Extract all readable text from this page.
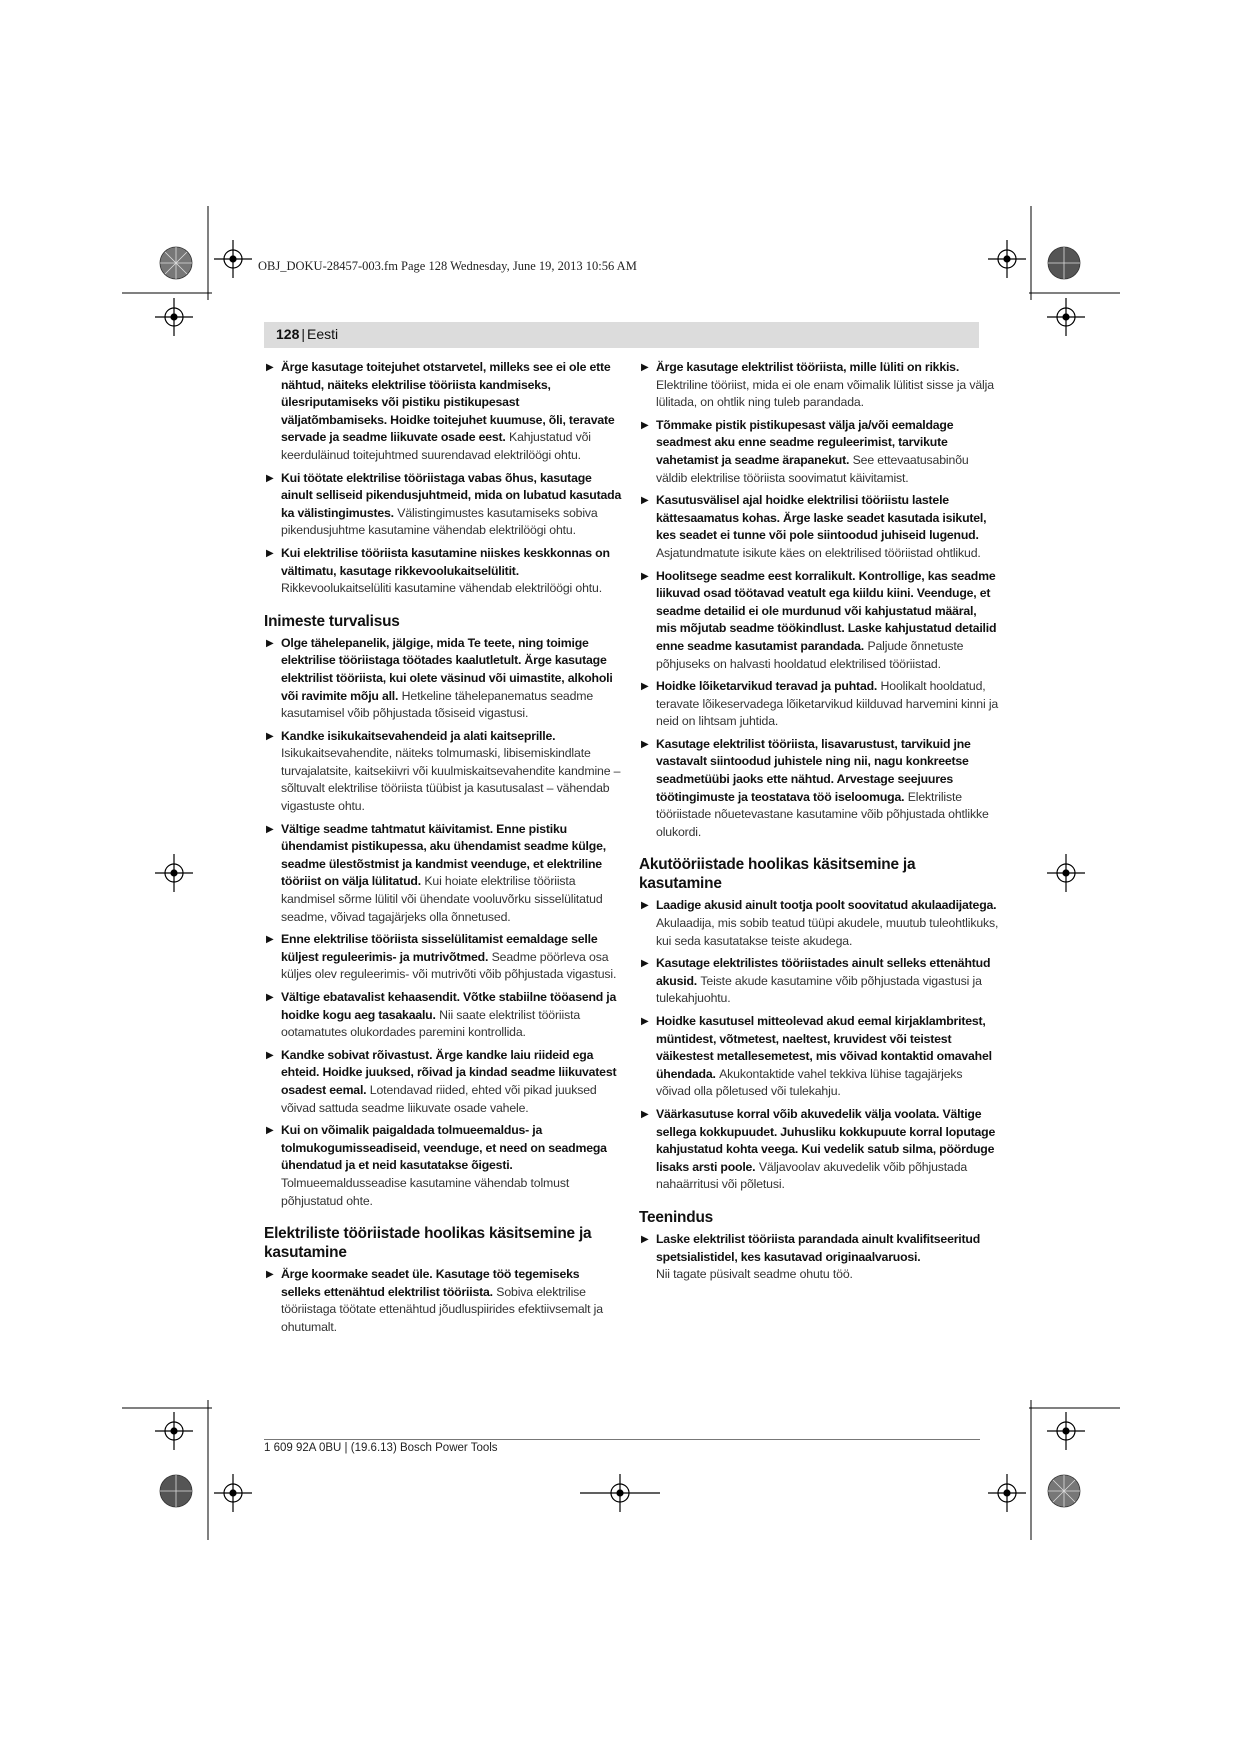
OBJ_DOKU-28457-003.fm Page 128 Wednesday, June 19, 2013 10:56 AM
128 | Eesti
▶ Ärge kasutage toitejuhet otstarvetel, milleks see ei ole ette nähtud, näiteks elektrilise tööriista kandmiseks, ülesriputamiseks või pistiku pistikupesast väljatõmbamiseks. Hoidke toitejuhet kuumuse, õli, teravate servade ja seadme liikuvate osade eest. Kahjustatud või keerduläinud toitejuhtmed suurendavad elektrilöögi ohtu.
▶ Kui töötate elektrilise tööriistaga vabas õhus, kasutage ainult selliseid pikendusjuhtmeid, mida on lubatud kasutada ka välistingimustes. Välistingimustes kasutamiseks sobiva pikendusjuhtme kasutamine vähendab elektrilöögi ohtu.
▶ Kui elektrilise tööriista kasutamine niiskes keskkonnas on vältimatu, kasutage rikkevoolukaitselülitit. Rikkevoolukaitselüliti kasutamine vähendab elektrilöögi ohtu.
Inimeste turvalisus
▶ Olge tähelepanelik, jälgige, mida Te teete, ning toimige elektrilise tööriistaga töötades kaalutletult. Ärge kasutage elektrilist tööriista, kui olete väsinud või uimastite, alkoholi või ravimite mõju all. Hetkeline tähelepanematus seadme kasutamisel võib põhjustada tõsiseid vigastusi.
▶ Kandke isikukaitsevahendeid ja alati kaitseprille. Isikukaitsevahendite, näiteks tolmumaski, libisemiskindlate turvajalatsite, kaitsekiivri või kuulmiskaitsevahendite kandmine – sõltuvalt elektrilise tööriista tüübist ja kasutusalast – vähendab vigastuste ohtu.
▶ Vältige seadme tahtmatut käivitamist. Enne pistiku ühendamist pistikupessa, aku ühendamist seadme külge, seadme ülestõstmist ja kandmist veenduge, et elektriline tööriist on välja lülitatud. Kui hoiate elektrilise tööriista kandmisel sõrme lülitil või ühendate vooluvõrku sisselülitatud seadme, võivad tagajärjeks olla õnnetused.
▶ Enne elektrilise tööriista sisselülitamist eemaldage selle küljest reguleerimis- ja mutrivõtmed. Seadme pöörleva osa küljes olev reguleerimis- või mutrivõti võib põhjustada vigastusi.
▶ Vältige ebatavalist kehaasendit. Võtke stabiilne tööasend ja hoidke kogu aeg tasakaalu. Nii saate elektrilist tööriista ootamatutes olukordades paremini kontrollida.
▶ Kandke sobivat rõivastust. Ärge kandke laiu riideid ega ehteid. Hoidke juuksed, rõivad ja kindad seadme liikuvatest osadest eemal. Lotendavad riided, ehted või pikad juuksed võivad sattuda seadme liikuvate osade vahele.
▶ Kui on võimalik paigaldada tolmueemaldus- ja tolmukogumisseadiseid, veenduge, et need on seadmega ühendatud ja et neid kasutatakse õigesti. Tolmueemaldusseadise kasutamine vähendab tolmust põhjustatud ohte.
Elektriliste tööriistade hoolikas käsitsemine ja kasutamine
▶ Ärge koormake seadet üle. Kasutage töö tegemiseks selleks ettenähtud elektrilist tööriista. Sobiva elektrilise tööriistaga töötate ettenähtud jõudluspiirides efektiivsemalt ja ohutumalt.
▶ Ärge kasutage elektrilist tööriista, mille lüliti on rikkis. Elektriline tööriist, mida ei ole enam võimalik lülitist sisse ja välja lülitada, on ohtlik ning tuleb parandada.
▶ Tõmmake pistik pistikupesast välja ja/või eemaldage seadmest aku enne seadme reguleerimist, tarvikute vahetamist ja seadme ärapanekut. See ettevaatusabinõu väldib elektrilise tööriista soovimatut käivitamist.
▶ Kasutusvälisel ajal hoidke elektrilisi tööriistu lastele kättesaamatus kohas. Ärge laske seadet kasutada isikutel, kes seadet ei tunne või pole siintoodud juhiseid lugenud. Asjatundmatute isikute käes on elektrilised tööriistad ohtlikud.
▶ Hoolitsege seadme eest korralikult. Kontrollige, kas seadme liikuvad osad töötavad veatult ega kiildu kiini. Veenduge, et seadme detailid ei ole murdunud või kahjustatud määral, mis mõjutab seadme töökindlust. Laske kahjustatud detailid enne seadme kasutamist parandada. Paljude õnnetuste põhjuseks on halvasti hooldatud elektrilised tööriistad.
▶ Hoidke lõiketarvikud teravad ja puhtad. Hoolikalt hooldatud, teravate lõikeservadega lõiketarvikud kiilduvad harvemini kinni ja neid on lihtsam juhtida.
▶ Kasutage elektrilist tööriista, lisavarustust, tarvikuid jne vastavalt siintoodud juhistele ning nii, nagu konkreetse seadmetüübi jaoks ette nähtud. Arvestage seejuures töötingimuste ja teostatava töö iseloomuga. Elektriliste tööriistade nõuetevastane kasutamine võib põhjustada ohtlikke olukordi.
Akutööriistade hoolikas käsitsemine ja kasutamine
▶ Laadige akusid ainult tootja poolt soovitatud akulaadijatega. Akulaadija, mis sobib teatud tüüpi akudele, muutub tuleohtlikuks, kui seda kasutatakse teiste akudega.
▶ Kasutage elektrilistes tööriistades ainult selleks ettenähtud akusid. Teiste akude kasutamine võib põhjustada vigastusi ja tulekahjuohtu.
▶ Hoidke kasutusel mitteolevad akud eemal kirjaklambritest, müntidest, võtmetest, naeltest, kruvidest või teistest väikestest metallesemetest, mis võivad kontaktid omavahel ühendada. Akukontaktide vahel tekkiva lühise tagajärjeks võivad olla põletused või tulekahju.
▶ Väärkasutuse korral võib akuvedelik välja voolata. Vältige sellega kokkupuudet. Juhusliku kokkupuute korral loputage kahjustatud kohta veega. Kui vedelik satub silma, pöörduge lisaks arsti poole. Väljavoolav akuvedelik võib põhjustada nahaärritusi või põletusi.
Teenindus
▶ Laske elektrilist tööriista parandada ainult kvalifitseeritud spetsialistidel, kes kasutavad originaalvaruosi.
Nii tagate püsivalt seadme ohutu töö.
1 609 92A 0BU | (19.6.13) Bosch Power Tools
